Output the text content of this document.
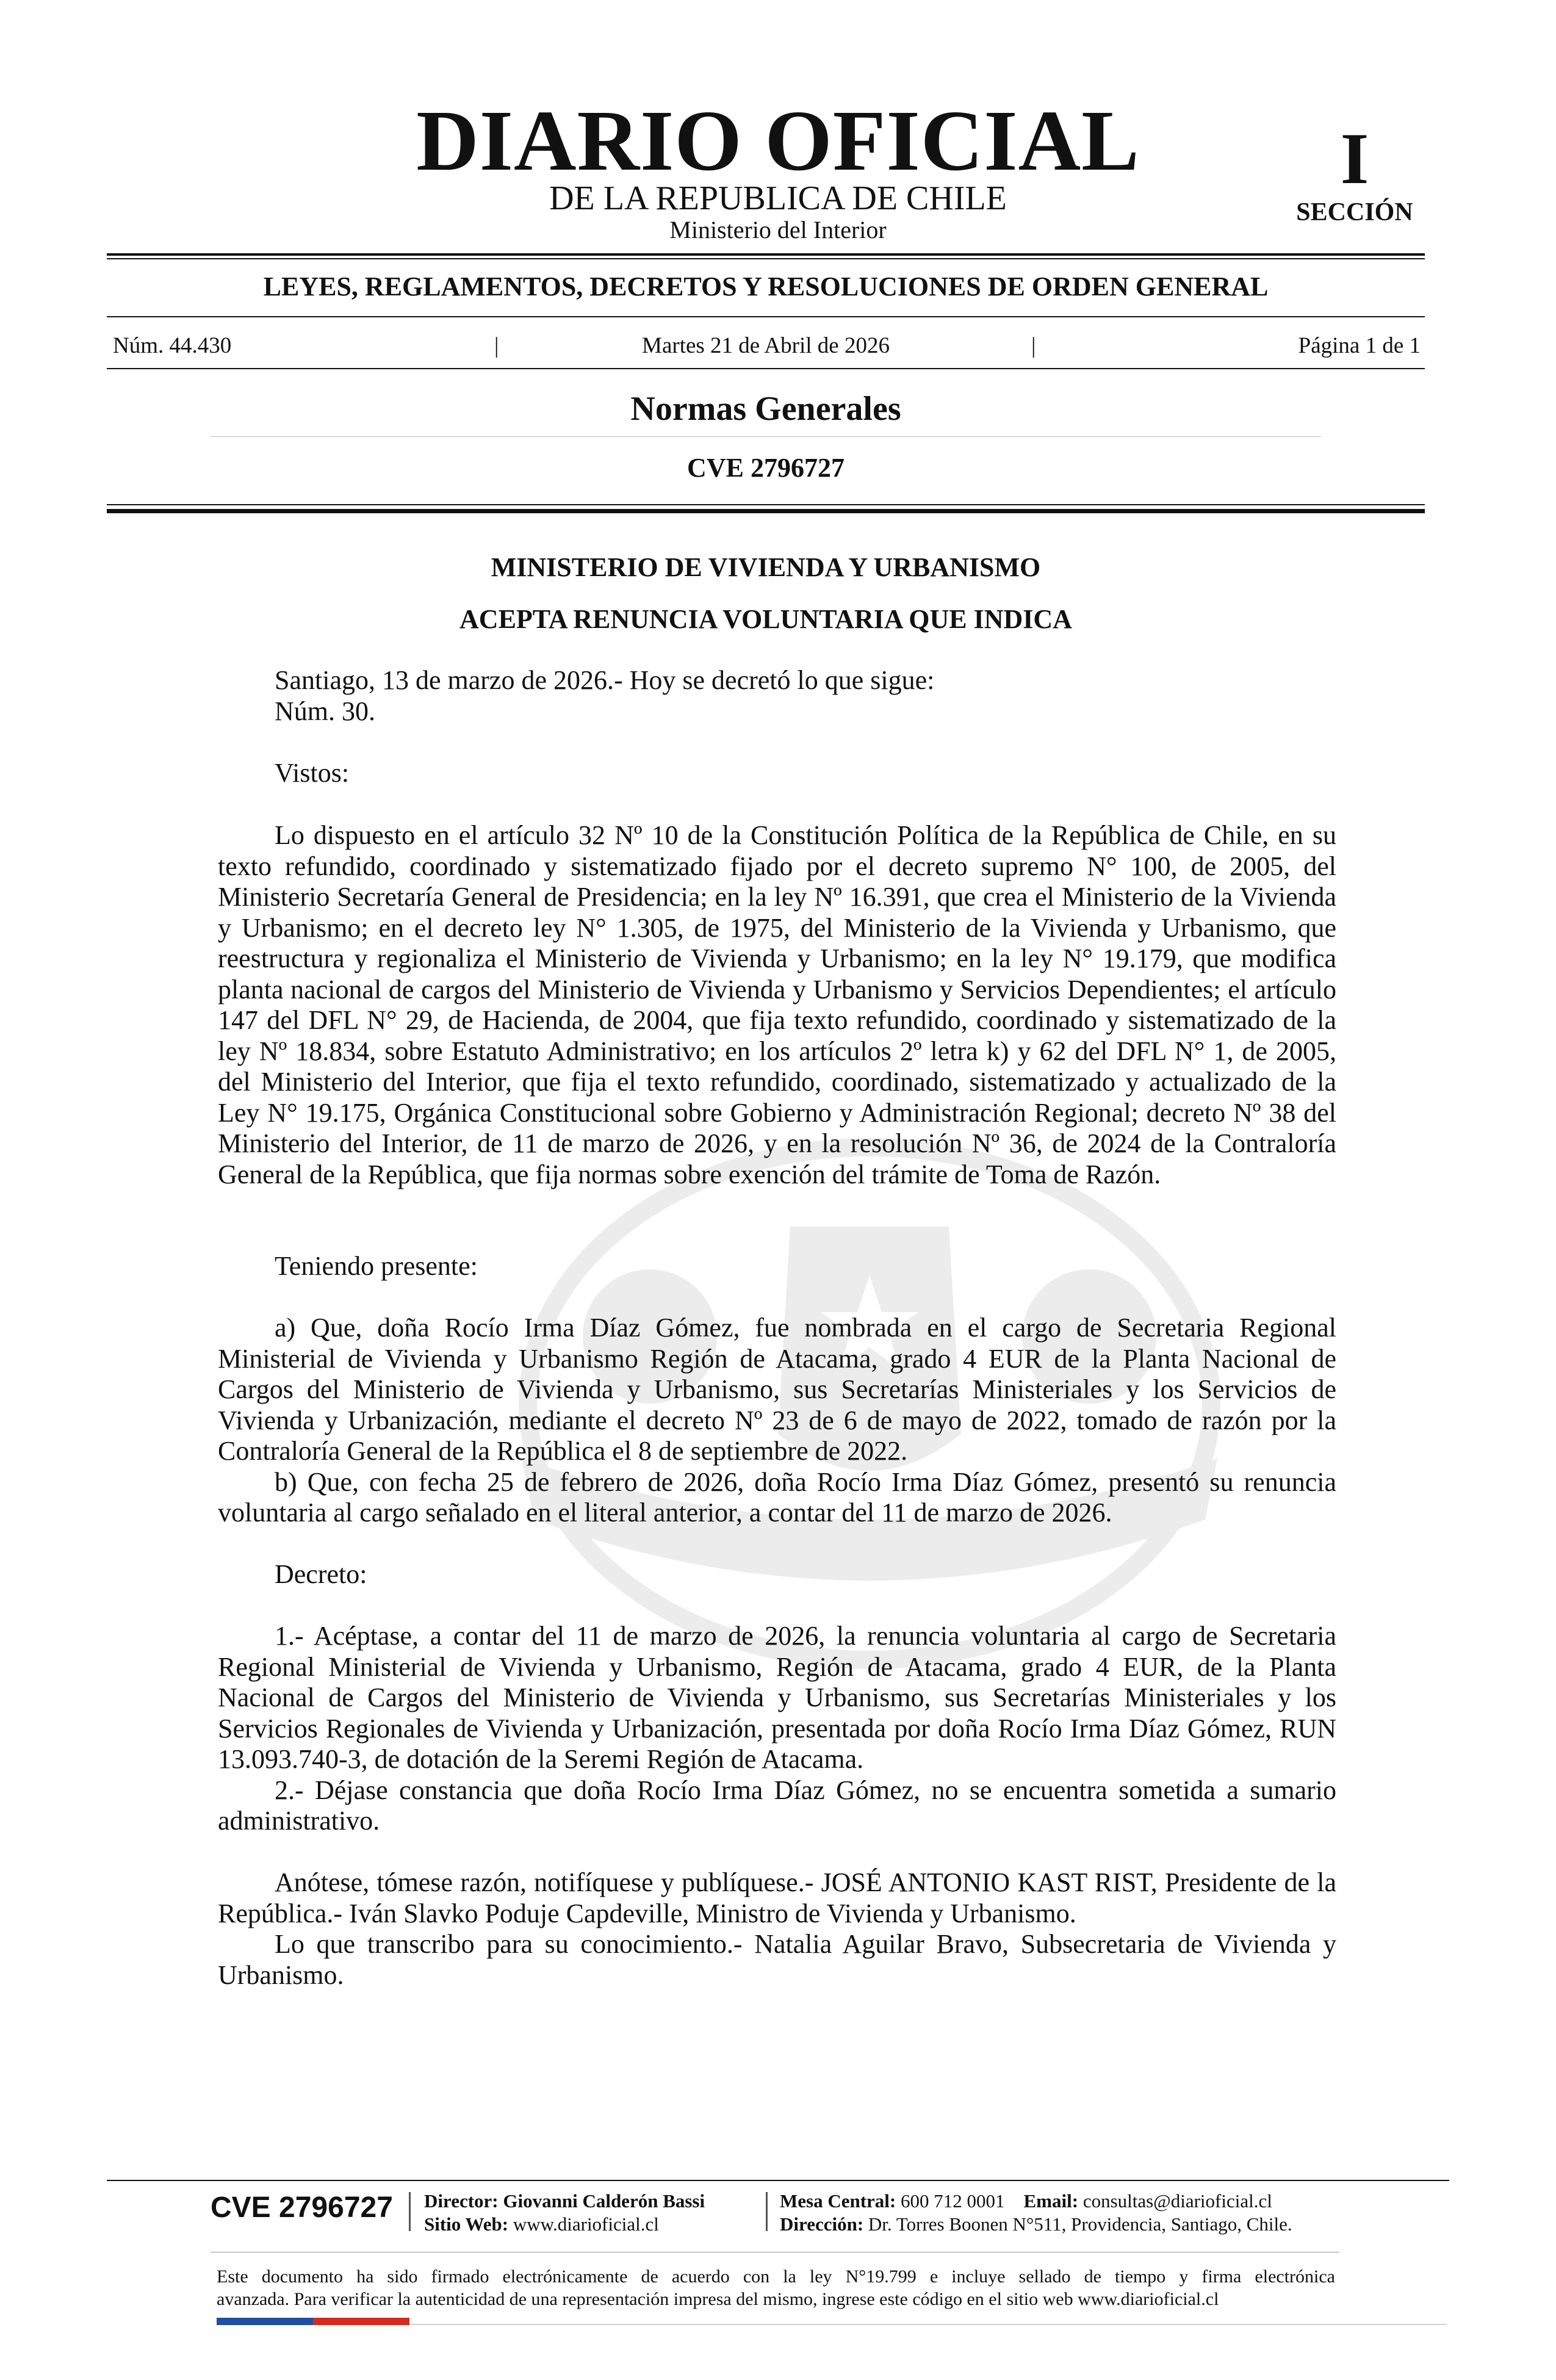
DIARIO OFICIAL
DE LA REPUBLICA DE CHILE
Ministerio del Interior
I
SECCIÓN
LEYES, REGLAMENTOS, DECRETOS Y RESOLUCIONES DE ORDEN GENERAL
Núm. 44.430	|	Martes 21 de Abril de 2026	|	Página 1 de 1
Normas Generales
CVE 2796727
MINISTERIO DE VIVIENDA Y URBANISMO
ACEPTA RENUNCIA VOLUNTARIA QUE INDICA
Santiago, 13 de marzo de 2026.- Hoy se decretó lo que sigue:
Núm. 30.
Vistos:

Lo dispuesto en el artículo 32 Nº 10 de la Constitución Política de la República de Chile, en su texto refundido, coordinado y sistematizado fijado por el decreto supremo N° 100, de 2005, del Ministerio Secretaría General de Presidencia; en la ley Nº 16.391, que crea el Ministerio de la Vivienda y Urbanismo; en el decreto ley N° 1.305, de 1975, del Ministerio de la Vivienda y Urbanismo, que reestructura y regionaliza el Ministerio de Vivienda y Urbanismo; en la ley N° 19.179, que modifica planta nacional de cargos del Ministerio de Vivienda y Urbanismo y Servicios Dependientes; el artículo 147 del DFL N° 29, de Hacienda, de 2004, que fija texto refundido, coordinado y sistematizado de la ley Nº 18.834, sobre Estatuto Administrativo; en los artículos 2º letra k) y 62 del DFL N° 1, de 2005, del Ministerio del Interior, que fija el texto refundido, coordinado, sistematizado y actualizado de la Ley N° 19.175, Orgánica Constitucional sobre Gobierno y Administración Regional; decreto Nº 38 del Ministerio del Interior, de 11 de marzo de 2026, y en la resolución Nº 36, de 2024 de la Contraloría General de la República, que fija normas sobre exención del trámite de Toma de Razón.

Teniendo presente:

a) Que, doña Rocío Irma Díaz Gómez, fue nombrada en el cargo de Secretaria Regional Ministerial de Vivienda y Urbanismo Región de Atacama, grado 4 EUR de la Planta Nacional de Cargos del Ministerio de Vivienda y Urbanismo, sus Secretarías Ministeriales y los Servicios de Vivienda y Urbanización, mediante el decreto Nº 23 de 6 de mayo de 2022, tomado de razón por la Contraloría General de la República el 8 de septiembre de 2022.

b) Que, con fecha 25 de febrero de 2026, doña Rocío Irma Díaz Gómez, presentó su renuncia voluntaria al cargo señalado en el literal anterior, a contar del 11 de marzo de 2026.

Decreto:

1.- Acéptase, a contar del 11 de marzo de 2026, la renuncia voluntaria al cargo de Secretaria Regional Ministerial de Vivienda y Urbanismo, Región de Atacama, grado 4 EUR, de la Planta Nacional de Cargos del Ministerio de Vivienda y Urbanismo, sus Secretarías Ministeriales y los Servicios Regionales de Vivienda y Urbanización, presentada por doña Rocío Irma Díaz Gómez, RUN 13.093.740-3, de dotación de la Seremi Región de Atacama.

2.- Déjase constancia que doña Rocío Irma Díaz Gómez, no se encuentra sometida a sumario administrativo.

Anótese, tómese razón, notifíquese y publíquese.- JOSÉ ANTONIO KAST RIST, Presidente de la República.- Iván Slavko Poduje Capdeville, Ministro de Vivienda y Urbanismo.

Lo que transcribo para su conocimiento.- Natalia Aguilar Bravo, Subsecretaria de Vivienda y Urbanismo.

CVE 2796727 Director: Giovanni Calderón Bassi
Sitio Web: www.diarioficial.cl
Mesa Central: 600 712 0001 Email: consultas@diarioficial.cl
Dirección: Dr. Torres Boonen N°511, Providencia, Santiago, Chile.
Este documento ha sido firmado electrónicamente de acuerdo con la ley N°19.799 e incluye sellado de tiempo y firma electrónica
avanzada. Para verificar la autenticidad de una representación impresa del mismo, ingrese este código en el sitio web www.diarioficial.cl
